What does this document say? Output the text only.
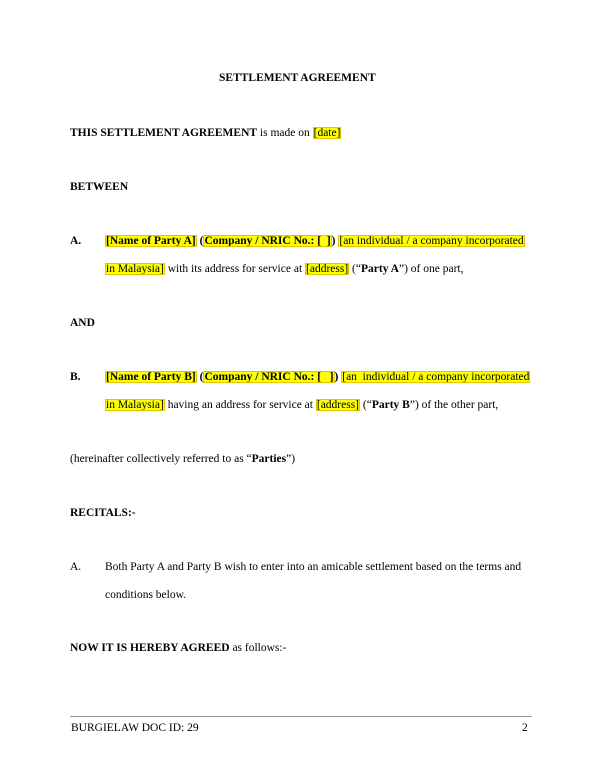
SETTLEMENT AGREEMENT
THIS SETTLEMENT AGREEMENT is made on [date]
BETWEEN
A. [Name of Party A] (Company / NRIC No.: [ ]) [an individual / a company incorporated
in Malaysia] with its address for service at [address] (“Party A”) of one part,
AND
B. [Name of Party B] (Company / NRIC No.: [ ]) [an  individual / a company incorporated
in Malaysia] having an address for service at [address] (“Party B”) of the other part,
(hereinafter collectively referred to as “Parties”)
RECITALS:-
A. Both Party A and Party B wish to enter into an amicable settlement based on the terms and
conditions below.
NOW IT IS HEREBY AGREED as follows:-
BURGIELAW DOC ID: 29	2
